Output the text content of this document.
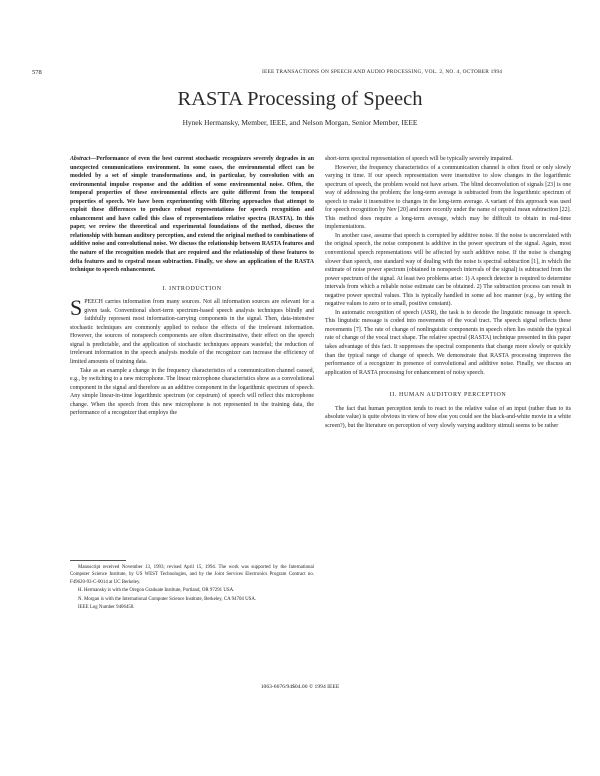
578	IEEE TRANSACTIONS ON SPEECH AND AUDIO PROCESSING, VOL. 2, NO. 4, OCTOBER 1994
RASTA Processing of Speech
Hynek Hermansky, Member, IEEE, and Nelson Morgan, Senior Member, IEEE

Abstract—Performance of even the best current stochastic recognizers severely degrades in an unexpected communications environment. In some cases, the environmental effect can be modeled by a set of simple transformations and, in particular, by convolution with an environmental impulse response and the addition of some environmental noise. Often, the temporal properties of these environmental effects are quite different from the temporal properties of speech. We have been experimenting with filtering approaches that attempt to exploit these differences to produce robust representations for speech recognition and enhancement and have called this class of representations relative spectra (RASTA). In this paper, we review the theoretical and experimental foundations of the method, discuss the relationship with human auditory perception, and extend the original method to combinations of additive noise and convolutional noise. We discuss the relationship between RASTA features and the nature of the recognition models that are required and the relationship of these features to delta features and to cepstral mean subtraction. Finally, we show an application of the RASTA technique to speech enhancement.

I. INTRODUCTION

SPEECH carries information from many sources. Not all information sources are relevant for a given task. Conventional short-term spectrum-based speech analysis techniques blindly and faithfully represent most information-carrying components in the signal. Then, data-intensive stochastic techniques are commonly applied to reduce the effects of the irrelevant information. However, the sources of nonspeech components are often discriminative, their effect on the speech signal is predictable, and the application of stochastic techniques appears wasteful; the reduction of irrelevant information in the speech analysis module of the recognizer can increase the efficiency of limited amounts of training data.

Take as an example a change in the frequency characteristics of a communication channel caused, e.g., by switching to a new microphone. The linear microphone characteristics show as a convolutional component in the signal and therefore as an additive component in the logarithmic spectrum of speech. Any simple linear-in-time logarithmic spectrum (or cepstrum) of speech will reflect this microphone change. When the speech from this new microphone is not represented in the training data, the performance of a recognizer that employs the

Manuscript received November 13, 1993; revised April 15, 1994. The work was supported by the International Computer Science Institute, by US WEST Technologies, and by the Joint Services Electronics Program Contract no. F49620-93-C-0014 at UC Berkeley.

H. Hermansky is with the Oregon Graduate Institute, Portland, OR 97291 USA.

N. Morgan is with the International Computer Science Institute, Berkeley, CA 94704 USA.

IEEE Log Number 9406458.

short-term spectral representation of speech will be typically severely impaired.

However, the frequency characteristics of a communication channel is often fixed or only slowly varying in time. If our speech representation were insensitive to slow changes in the logarithmic spectrum of speech, the problem would not have arisen. The blind deconvolution of signals [23] is one way of addressing the problem; the long-term average is subtracted from the logarithmic spectrum of speech to make it insensitive to changes in the long-term average. A variant of this approach was used for speech recognition by Nev [20] and more recently under the name of cepstral mean subtraction [22]. This method does require a long-term average, which may be difficult to obtain in real-time implementations.

In another case, assume that speech is corrupted by additive noise. If the noise is uncorrelated with the original speech, the noise component is additive in the power spectrum of the signal. Again, most conventional speech representations will be affected by such additive noise. If the noise is changing slower than speech, one standard way of dealing with the noise is spectral subtraction [1], in which the estimate of noise power spectrum (obtained in nonspeech intervals of the signal) is subtracted from the power spectrum of the signal. At least two problems arise: 1) A speech detector is required to determine intervals from which a reliable noise estimate can be obtained. 2) The subtraction process can result in negative power spectral values. This is typically handled in some ad hoc manner (e.g., by setting the negative values to zero or to small, positive constant).

In automatic recognition of speech (ASR), the task is to decode the linguistic message in speech. This linguistic message is coded into movements of the vocal tract. The speech signal reflects these movements [7]. The rate of change of nonlinguistic components in speech often lies outside the typical rate of change of the vocal tract shape. The relative spectral (RASTA) technique presented in this paper takes advantage of this fact. It suppresses the spectral components that change more slowly or quickly than the typical range of change of speech. We demonstrate that RASTA processing improves the performance of a recognizer in presence of convolutional and additive noise. Finally, we discuss an application of RASTA processing for enhancement of noisy speech.

II. HUMAN AUDITORY PERCEPTION

The fact that human perception tends to react to the relative value of an input (rather than to its absolute value) is quite obvious in view of how else you could see the black-and-white movie in a white screen?), but the literature on perception of very slowly varying auditory stimuli seems to be rather

1063-6676/94$04.00 © 1994 IEEE
